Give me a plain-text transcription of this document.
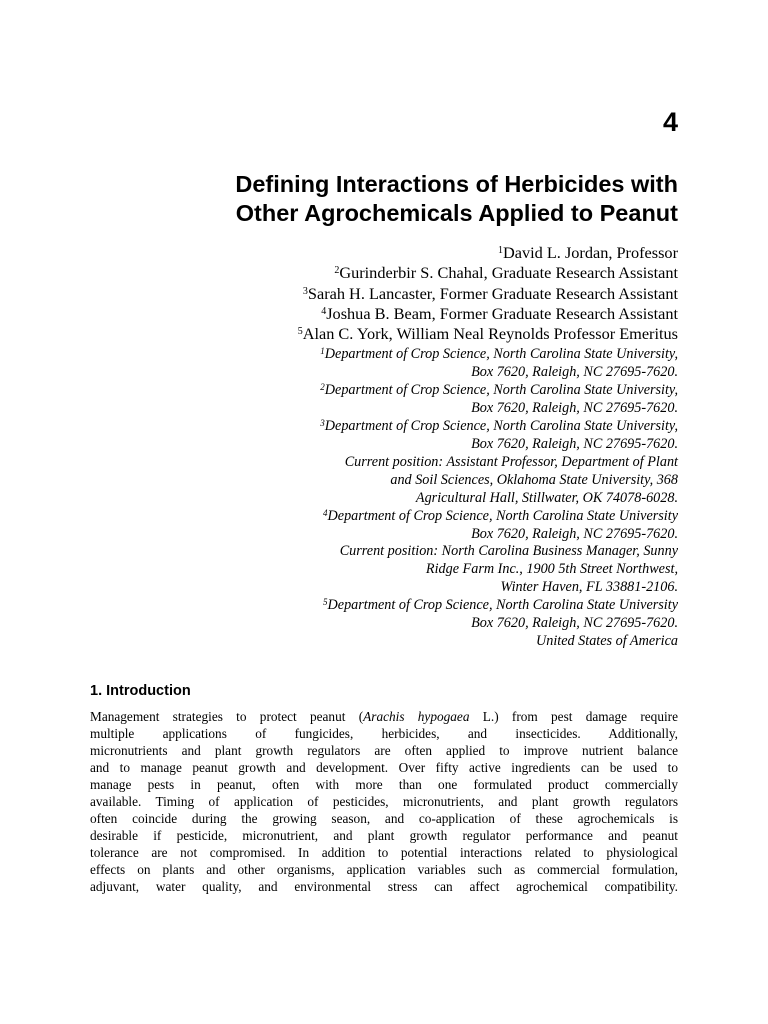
4
Defining Interactions of Herbicides with
Other Agrochemicals Applied to Peanut
$^1$David L. Jordan, Professor
$^2$Gurinderbir S. Chahal, Graduate Research Assistant
$^3$Sarah H. Lancaster, Former Graduate Research Assistant
$^4$Joshua B. Beam, Former Graduate Research Assistant
$^5$Alan C. York, William Neal Reynolds Professor Emeritus
$^1$Department of Crop Science, North Carolina State University,
Box 7620, Raleigh, NC 27695-7620.
$^2$Department of Crop Science, North Carolina State University,
Box 7620, Raleigh, NC 27695-7620.
$^3$Department of Crop Science, North Carolina State University,
Box 7620, Raleigh, NC 27695-7620.
Current position: Assistant Professor, Department of Plant
and Soil Sciences, Oklahoma State University, 368
Agricultural Hall, Stillwater, OK 74078-6028.
$^4$Department of Crop Science, North Carolina State University
Box 7620, Raleigh, NC 27695-7620.
Current position: North Carolina Business Manager, Sunny
Ridge Farm Inc., 1900 5th Street Northwest,
Winter Haven, FL 33881-2106.
$^5$Department of Crop Science, North Carolina State University
Box 7620, Raleigh, NC 27695-7620.
United States of America
1. Introduction
Management strategies to protect peanut (Arachis hypogaea L.) from pest damage require
multiple applications of fungicides, herbicides, and insecticides. Additionally,
micronutrients and plant growth regulators are often applied to improve nutrient balance
and to manage peanut growth and development. Over fifty active ingredients can be used to
manage pests in peanut, often with more than one formulated product commercially
available. Timing of application of pesticides, micronutrients, and plant growth regulators
often coincide during the growing season, and co-application of these agrochemicals is
desirable if pesticide, micronutrient, and plant growth regulator performance and peanut
tolerance are not compromised. In addition to potential interactions related to physiological
effects on plants and other organisms, application variables such as commercial formulation,
adjuvant, water quality, and environmental stress can affect agrochemical compatibility.
